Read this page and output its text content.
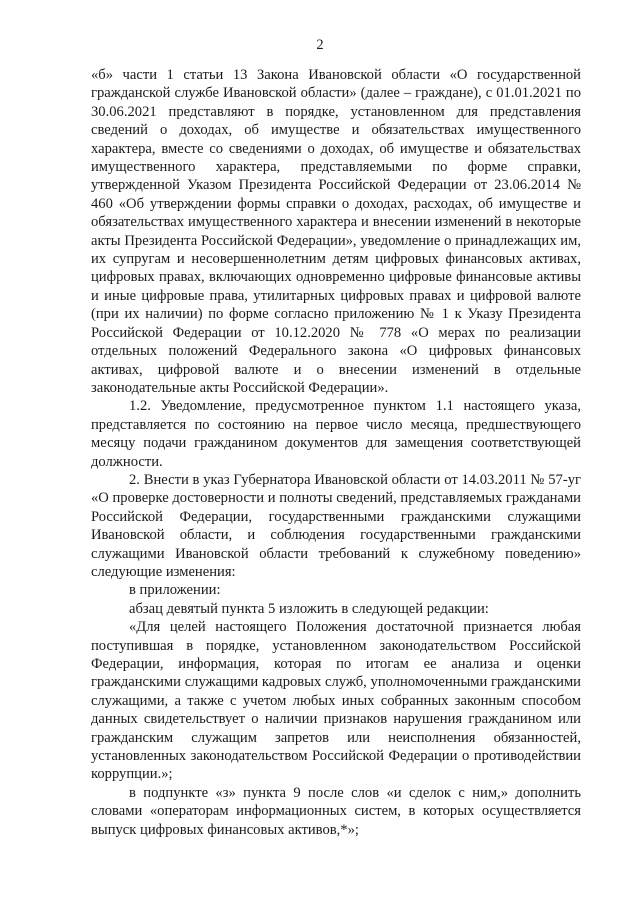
2

«б» части 1 статьи 13 Закона Ивановской области «О государственной гражданской службе Ивановской области» (далее – граждане), с 01.01.2021 по 30.06.2021 представляют в порядке, установленном для представления сведений о доходах, об имуществе и обязательствах имущественного характера, вместе со сведениями о доходах, об имуществе и обязательствах имущественного характера, представляемыми по форме справки, утвержденной Указом Президента Российской Федерации от 23.06.2014 № 460 «Об утверждении формы справки о доходах, расходах, об имуществе и обязательствах имущественного характера и внесении изменений в некоторые акты Президента Российской Федерации», уведомление о принадлежащих им, их супругам и несовершеннолетним детям цифровых финансовых активах, цифровых правах, включающих одновременно цифровые финансовые активы и иные цифровые права, утилитарных цифровых правах и цифровой валюте (при их наличии) по форме согласно приложению № 1 к Указу Президента Российской Федерации от 10.12.2020 № 778 «О мерах по реализации отдельных положений Федерального закона «О цифровых финансовых активах, цифровой валюте и о внесении изменений в отдельные законодательные акты Российской Федерации».

1.2. Уведомление, предусмотренное пунктом 1.1 настоящего указа, представляется по состоянию на первое число месяца, предшествующего месяцу подачи гражданином документов для замещения соответствующей должности.

2. Внести в указ Губернатора Ивановской области от 14.03.2011 № 57-уг «О проверке достоверности и полноты сведений, представляемых гражданами Российской Федерации, государственными гражданскими служащими Ивановской области, и соблюдения государственными гражданскими служащими Ивановской области требований к служебному поведению» следующие изменения:

в приложении:

абзац девятый пункта 5 изложить в следующей редакции:

«Для целей настоящего Положения достаточной признается любая поступившая в порядке, установленном законодательством Российской Федерации, информация, которая по итогам ее анализа и оценки гражданскими служащими кадровых служб, уполномоченными гражданскими служащими, а также с учетом любых иных собранных законным способом данных свидетельствует о наличии признаков нарушения гражданином или гражданским служащим запретов или неисполнения обязанностей, установленных законодательством Российской Федерации о противодействии коррупции.»;

в подпункте «з» пункта 9 после слов «и сделок с ним,» дополнить словами «операторам информационных систем, в которых осуществляется выпуск цифровых финансовых активов,*»;
